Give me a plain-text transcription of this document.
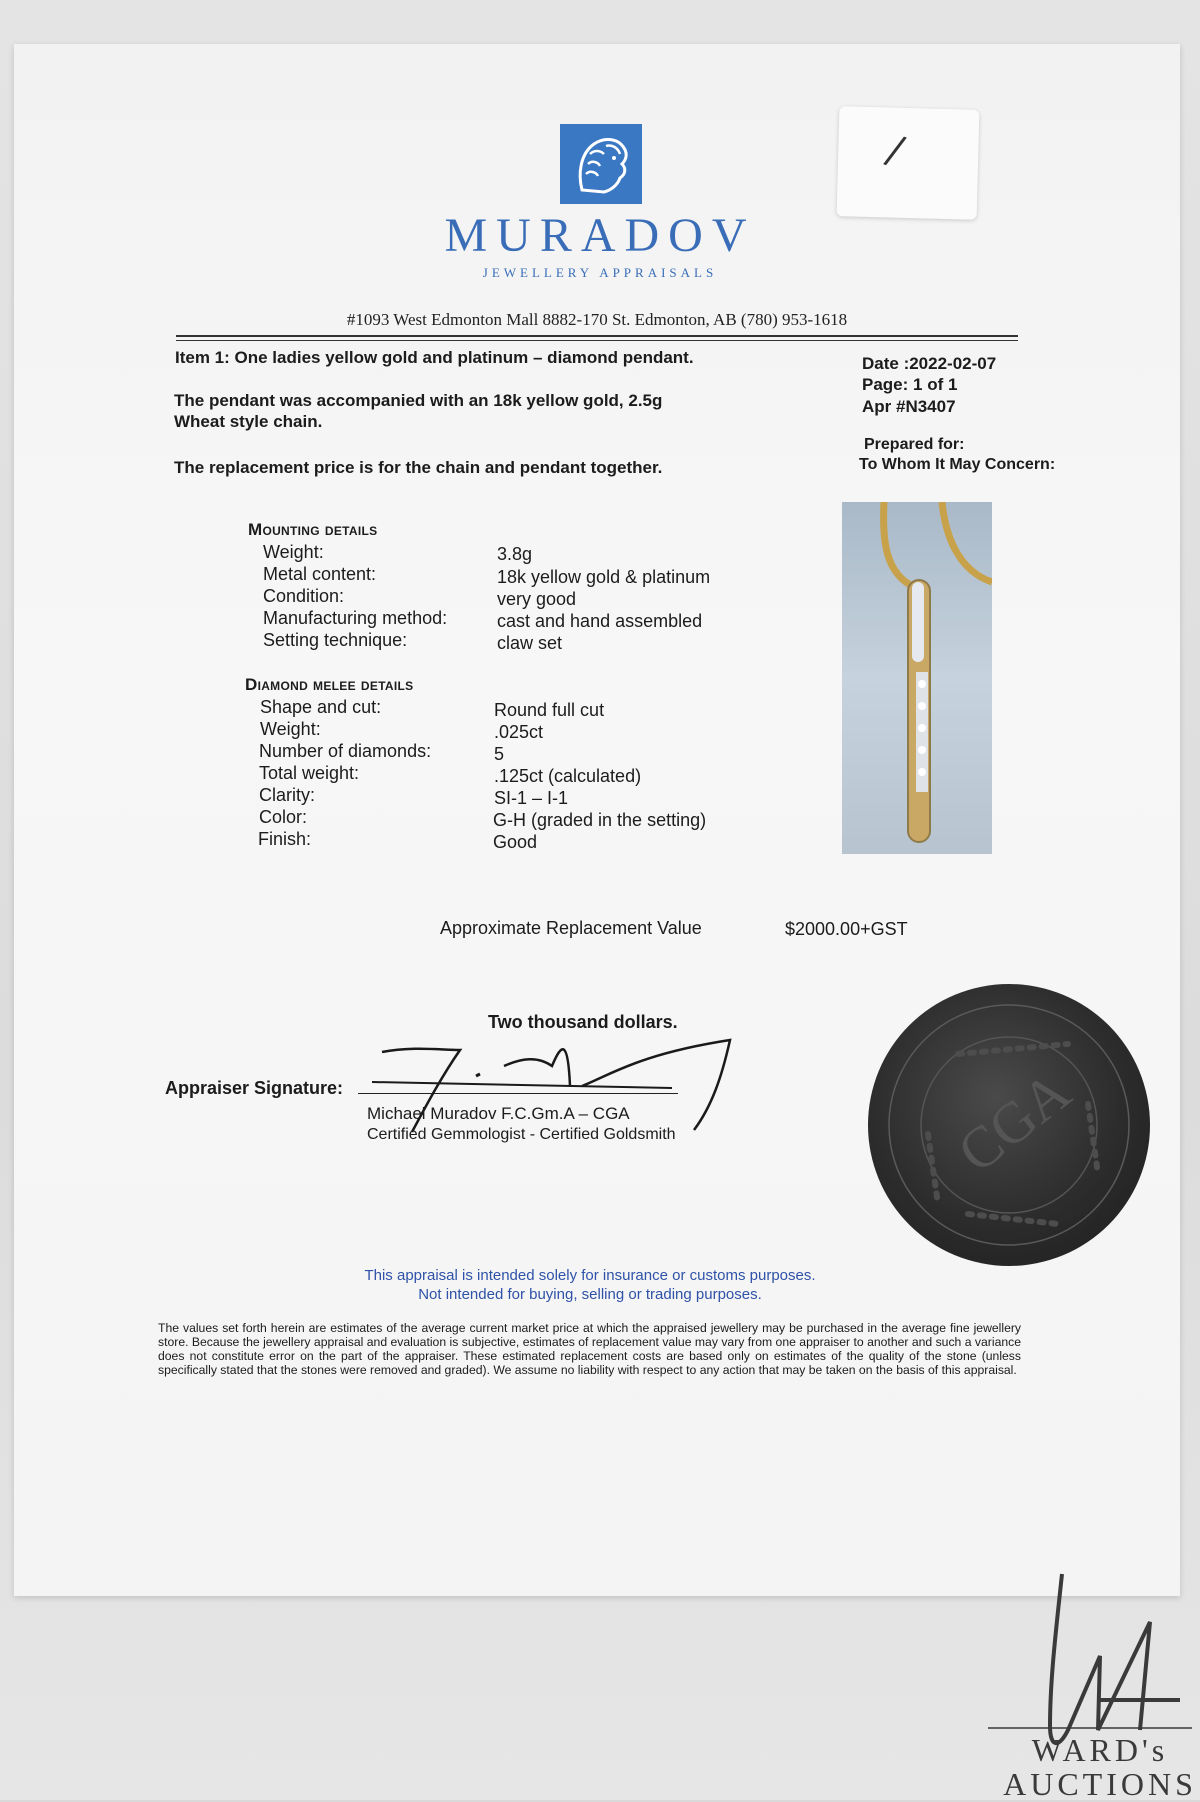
/
MURADOV
JEWELLERY APPRAISALS
#1093 West Edmonton Mall 8882-170 St. Edmonton, AB (780) 953-1618
Item 1: One ladies yellow gold and platinum – diamond pendant.
The pendant was accompanied with an 18k yellow gold, 2.5g
Wheat style chain.
The replacement price is for the chain and pendant together.
Date :2022-02-07
Page: 1 of 1
Apr #N3407
Prepared for:
To Whom It May Concern:
Mounting details
Weight:	3.8g
Metal content:	18k yellow gold & platinum
Condition:	very good
Manufacturing method:	cast and hand assembled
Setting technique:	claw set
Diamond melee details
Shape and cut:	Round full cut
Weight:	.025ct
Number of diamonds:	5
Total weight:	.125ct (calculated)
Clarity:	SI-1 – I-1
Color:	G-H (graded in the setting)
Finish:	Good
Approximate Replacement Value	$2000.00+GST
Two thousand dollars.
Appraiser Signature:
Michael Muradov F.C.Gm.A – CGA
Certified Gemmologist - Certified Goldsmith	CGA
This appraisal is intended solely for insurance or customs purposes.
Not intended for buying, selling or trading purposes.
The values set forth herein are estimates of the average current market price at which the appraised jewellery may be purchased in the average fine jewellery store. Because the jewellery appraisal and evaluation is subjective, estimates of replacement value may vary from one appraiser to another and such a variance does not constitute error on the part of the appraiser. These estimated replacement costs are based only on estimates of the quality of the stone (unless specifically stated that the stones were removed and graded). We assume no liability with respect to any action that may be taken on the basis of this appraisal.
WARD's
AUCTIONS
